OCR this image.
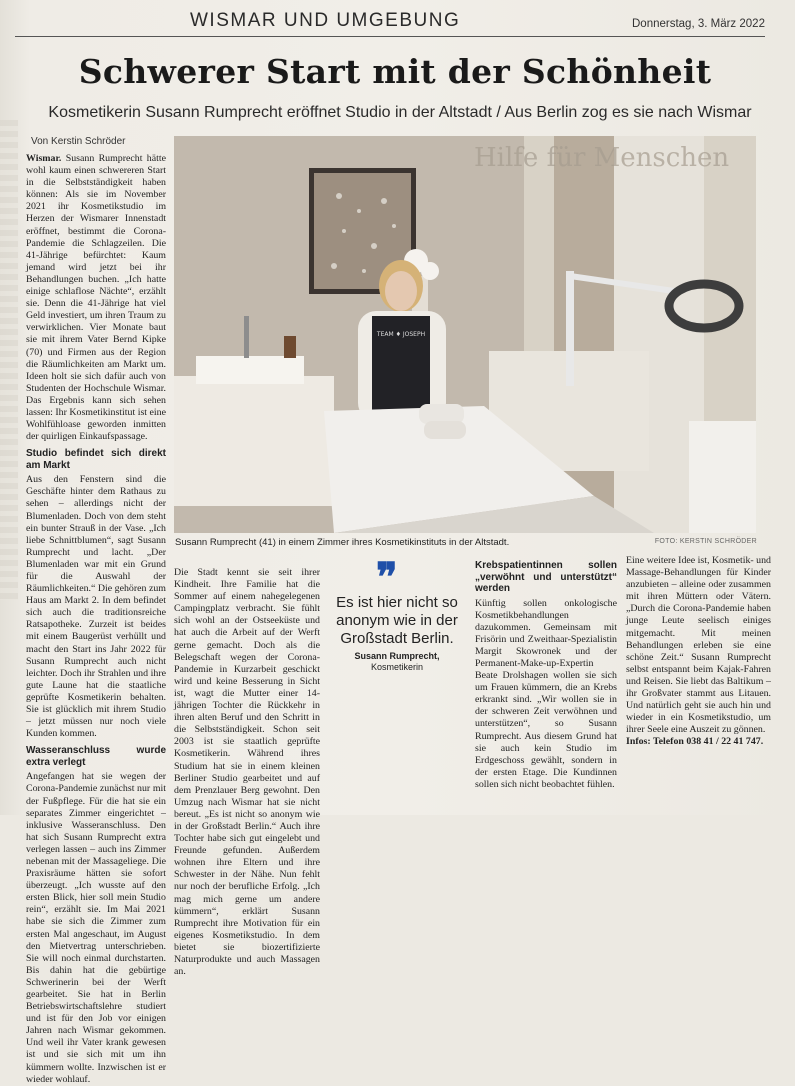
WISMAR UND UMGEBUNG	Donnerstag, 3. März 2022
Schwerer Start mit der Schönheit
Kosmetikerin Susann Rumprecht eröffnet Studio in der Altstadt / Aus Berlin zog es sie nach Wismar
Von Kerstin Schröder

Wismar. Susann Rumprecht hätte wohl kaum einen schwereren Start in die Selbstständigkeit haben können: Als sie im November 2021 ihr Kosmetikstudio im Herzen der Wismarer Innenstadt eröffnet, bestimmt die Corona-Pandemie die Schlagzeilen. Die 41-Jährige befürchtet: Kaum jemand wird jetzt bei ihr Behandlungen buchen. „Ich hatte einige schlaflose Nächte“, erzählt sie. Denn die 41-Jährige hat viel Geld investiert, um ihren Traum zu verwirklichen. Vier Monate baut sie mit ihrem Vater Bernd Kipke (70) und Firmen aus der Region die Räumlichkeiten am Markt um. Ideen holt sie sich dafür auch von Studenten der Hochschule Wismar. Das Ergebnis kann sich sehen lassen: Ihr Kosmetikinstitut ist eine Wohlfühloase geworden inmitten der quirligen Einkaufspassage.

Studio befindet sich direkt am Markt

Aus den Fenstern sind die Geschäfte hinter dem Rathaus zu sehen – allerdings nicht der Blumenladen. Doch von dem steht ein bunter Strauß in der Vase. „Ich liebe Schnittblumen“, sagt Susann Rumprecht und lacht. „Der Blumenladen war mit ein Grund für die Auswahl der Räumlichkeiten.“ Die gehören zum Haus am Markt 2. In dem befindet sich auch die traditionsreiche Ratsapotheke. Zurzeit ist beides mit einem Baugerüst verhüllt und macht den Start ins Jahr 2022 für Susann Rumprecht auch nicht leichter. Doch ihr Strahlen und ihre gute Laune hat die staatliche geprüfte Kosmetikerin behalten. Sie ist glücklich mit ihrem Studio – jetzt müssen nur noch viele Kunden kommen.

Wasseranschluss wurde extra verlegt

Angefangen hat sie wegen der Corona-Pandemie zunächst nur mit der Fußpflege. Für die hat sie ein separates Zimmer eingerichtet – inklusive Wasseranschluss. Den hat sich Susann Rumprecht extra verlegen lassen – auch ins Zimmer nebenan mit der Massageliege. Die Praxisräume hätten sie sofort überzeugt. „Ich wusste auf den ersten Blick, hier soll mein Studio rein“, erzählt sie. Im Mai 2021 habe sie sich die Zimmer zum ersten Mal angeschaut, im August den Mietvertrag unterschrieben. Sie will noch einmal durchstarten. Bis dahin hat die gebürtige Schwerinerin bei der Werft gearbeitet. Sie hat in Berlin Betriebswirtschaftslehre studiert und ist für den Job vor einigen Jahren nach Wismar gekommen. Und weil ihr Vater krank gewesen ist und sie sich mit um ihn kümmern wollte. Inzwischen ist er wieder wohlauf.

Hilfe für Menschen
TEAM ♦ JOSEPH
Susann Rumprecht (41) in einem Zimmer ihres Kosmetikinstituts in der Altstadt.	FOTO: KERSTIN SCHRÖDER

Die Stadt kennt sie seit ihrer Kindheit. Ihre Familie hat die Sommer auf einem nahegelegenen Campingplatz verbracht. Sie fühlt sich wohl an der Ostseeküste und hat auch die Arbeit auf der Werft gerne gemacht. Doch als die Belegschaft wegen der Corona-Pandemie in Kurzarbeit geschickt wird und keine Besserung in Sicht ist, wagt die Mutter einer 14-jährigen Tochter die Rückkehr in ihren alten Beruf und den Schritt in die Selbstständigkeit. Schon seit 2003 ist sie staatlich geprüfte Kosmetikerin. Während ihres Studium hat sie in einem kleinen Berliner Studio gearbeitet und auf dem Prenzlauer Berg gewohnt. Den Umzug nach Wismar hat sie nicht bereut. „Es ist nicht so anonym wie in der Großstadt Berlin.“ Auch ihre Tochter habe sich gut eingelebt und Freunde gefunden. Außerdem wohnen ihre Eltern und ihre Schwester in der Nähe. Nun fehlt nur noch der berufliche Erfolg. „Ich mag mich gerne um andere kümmern“, erklärt Susann Rumprecht ihre Motivation für ein eigenes Kosmetikstudio. In dem bietet sie biozertifizierte Naturprodukte und auch Massagen an.

❞
Es ist hier nicht so anonym wie in der Großstadt Berlin.
Susann Rumprecht,
Kosmetikerin
Krebspatientinnen sollen „verwöhnt und unterstützt“ werden

Künftig sollen onkologische Kosmetikbehandlungen dazukommen. Gemeinsam mit Frisörin und Zweithaar-Spezialistin Margit Skowronek und der Permanent-Make-up-Expertin Beate Drolshagen wollen sie sich um Frauen kümmern, die an Krebs erkrankt sind. „Wir wollen sie in der schweren Zeit verwöhnen und unterstützen“, so Susann Rumprecht. Aus diesem Grund hat sie auch kein Studio im Erdgeschoss gewählt, sondern in der ersten Etage. Die Kundinnen sollen sich nicht beobachtet fühlen.

Eine weitere Idee ist, Kosmetik- und Massage-Behandlungen für Kinder anzubieten – alleine oder zusammen mit ihren Müttern oder Vätern. „Durch die Corona-Pandemie haben junge Leute seelisch einiges mitgemacht. Mit meinen Behandlungen erleben sie eine schöne Zeit.“ Susann Rumprecht selbst entspannt beim Kajak-Fahren und Reisen. Sie liebt das Baltikum – ihr Großvater stammt aus Litauen. Und natürlich geht sie auch hin und wieder in ein Kosmetikstudio, um ihrer Seele eine Auszeit zu gönnen.

Infos: Telefon 038 41 / 22 41 747.
